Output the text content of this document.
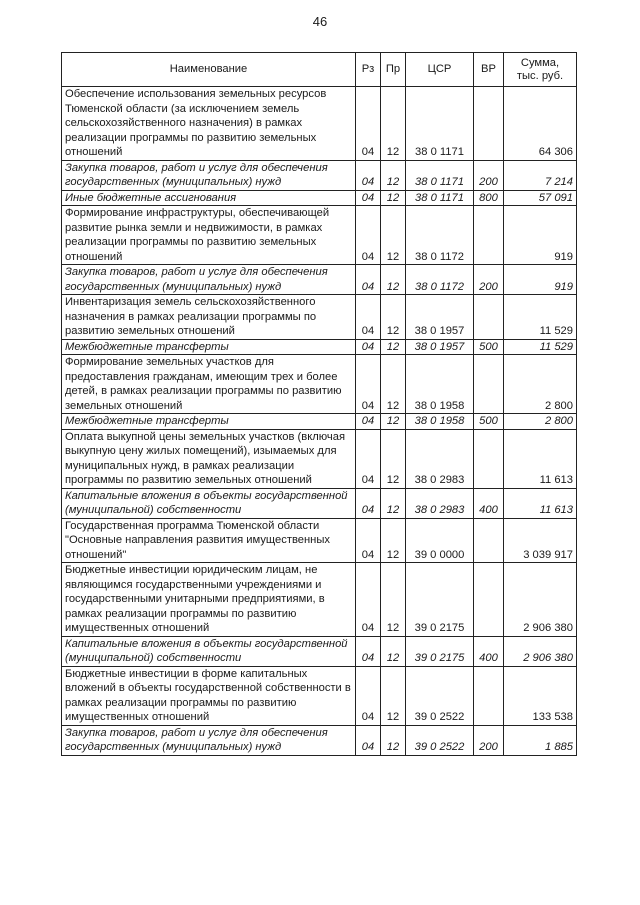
46
Наименование	Рз	Пр	ЦСР	ВР	Сумма,
тыс. руб.

Обеспечение использования земельных ресурсов Тюменской области (за исключением земель сельскохозяйственного назначения) в рамках реализации программы по развитию земельных отношений	04	12	38 0 1171		64 306
Закупка товаров, работ и услуг для обеспечения государственных (муниципальных) нужд	04	12	38 0 1171	200	7 214
Иные бюджетные ассигнования	04	12	38 0 1171	800	57 091
Формирование инфраструктуры, обеспечивающей развитие рынка земли и недвижимости, в рамках реализации программы по развитию земельных отношений	04	12	38 0 1172		919
Закупка товаров, работ и услуг для обеспечения государственных (муниципальных) нужд	04	12	38 0 1172	200	919
Инвентаризация земель сельскохозяйственного назначения в рамках реализации программы по развитию земельных отношений	04	12	38 0 1957		11 529
Межбюджетные трансферты	04	12	38 0 1957	500	11 529
Формирование земельных участков для предоставления гражданам, имеющим трех и более детей, в рамках реализации программы по развитию земельных отношений	04	12	38 0 1958		2 800
Межбюджетные трансферты	04	12	38 0 1958	500	2 800
Оплата выкупной цены земельных участков (включая выкупную цену жилых помещений), изымаемых для муниципальных нужд, в рамках реализации программы по развитию земельных отношений	04	12	38 0 2983		11 613
Капитальные вложения в объекты государственной (муниципальной) собственности	04	12	38 0 2983	400	11 613
Государственная программа Тюменской области "Основные направления развития имущественных отношений"	04	12	39 0 0000		3 039 917
Бюджетные инвестиции юридическим лицам, не являющимся государственными учреждениями и государственными унитарными предприятиями, в рамках реализации программы по развитию имущественных отношений	04	12	39 0 2175		2 906 380
Капитальные вложения в объекты государственной (муниципальной) собственности	04	12	39 0 2175	400	2 906 380
Бюджетные инвестиции в форме капитальных вложений в объекты государственной собственности в рамках реализации программы по развитию имущественных отношений	04	12	39 0 2522		133 538
Закупка товаров, работ и услуг для обеспечения государственных (муниципальных) нужд	04	12	39 0 2522	200	1 885
